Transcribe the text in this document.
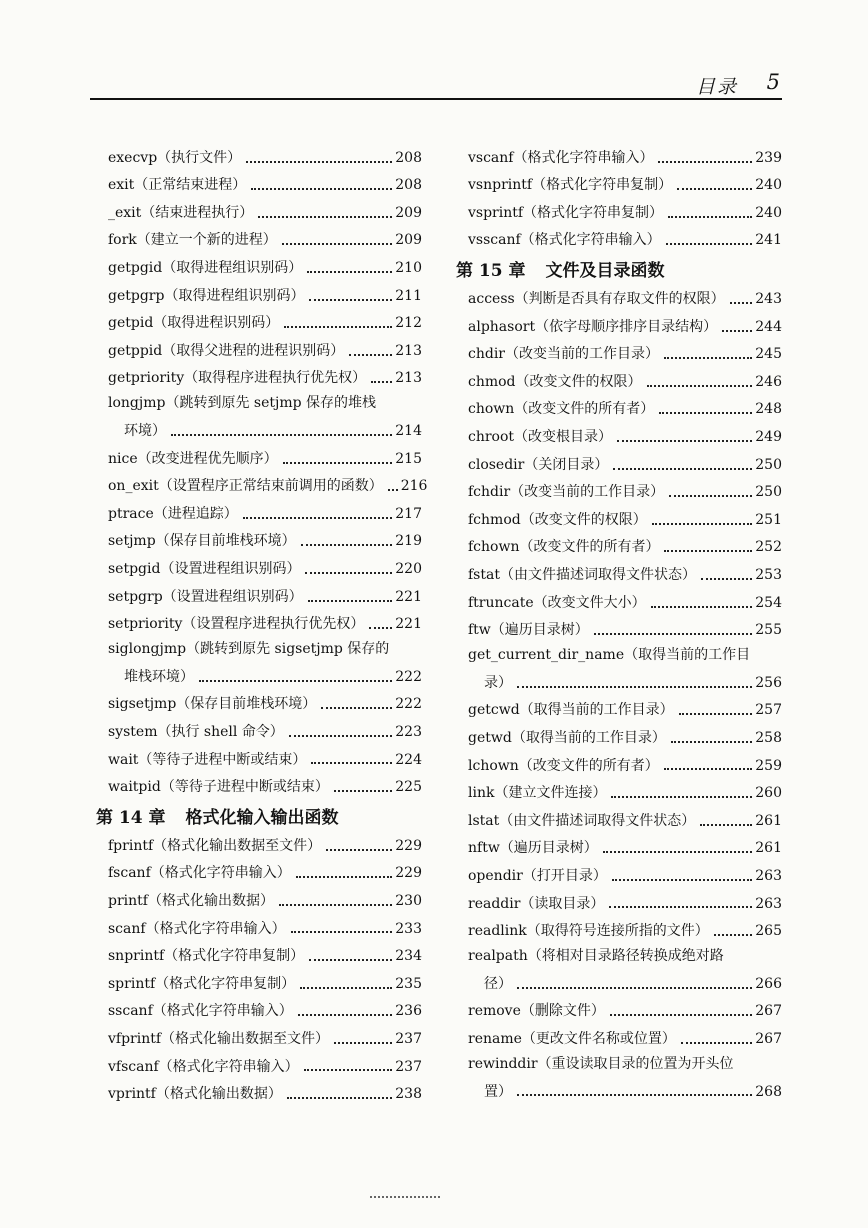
目录 5
execvp（执行文件）	208
exit（正常结束进程）	208
_exit（结束进程执行）	209
fork（建立一个新的进程）	209
getpgid（取得进程组识别码）	210
getpgrp（取得进程组识别码）	211
getpid（取得进程识别码）	212
getppid（取得父进程的进程识别码）	213
getpriority（取得程序进程执行优先权） 213
longjmp（跳转到原先 setjmp 保存的堆栈
环境）	214
nice（改变进程优先顺序）	215
on_exit（设置程序正常结束前调用的函数） 216
ptrace（进程追踪）	217
setjmp（保存目前堆栈环境）	219
setpgid（设置进程组识别码）	220
setpgrp（设置进程组识别码）	221
setpriority（设置程序进程执行优先权） 221
siglongjmp（跳转到原先 sigsetjmp 保存的
堆栈环境）	222
sigsetjmp（保存目前堆栈环境）	222
system（执行 shell 命令）	223
wait（等待子进程中断或结束）	224
waitpid（等待子进程中断或结束）	225
第 14 章 格式化输入输出函数
fprintf（格式化输出数据至文件）	229
fscanf（格式化字符串输入）	229
printf（格式化输出数据）	230
scanf（格式化字符串输入）	233
snprintf（格式化字符串复制）	234
sprintf（格式化字符串复制）	235
sscanf（格式化字符串输入）	236
vfprintf（格式化输出数据至文件）	237
vfscanf（格式化字符串输入）	237
vprintf（格式化输出数据）	238
vscanf（格式化字符串输入）	239
vsnprintf（格式化字符串复制）	240
vsprintf（格式化字符串复制）	240
vsscanf（格式化字符串输入）	241
第 15 章 文件及目录函数
access（判断是否具有存取文件的权限） 243
alphasort（依字母顺序排序目录结构）	244
chdir（改变当前的工作目录）	245
chmod（改变文件的权限）	246
chown（改变文件的所有者）	248
chroot（改变根目录）	249
closedir（关闭目录）	250
fchdir（改变当前的工作目录）	250
fchmod（改变文件的权限）	251
fchown（改变文件的所有者）	252
fstat（由文件描述词取得文件状态）	253
ftruncate（改变文件大小）	254
ftw（遍历目录树）	255
get_current_dir_name（取得当前的工作目
录）	256
getcwd（取得当前的工作目录）	257
getwd（取得当前的工作目录）	258
lchown（改变文件的所有者）	259
link（建立文件连接）	260
lstat（由文件描述词取得文件状态）	261
nftw（遍历目录树）	261
opendir（打开目录）	263
readdir（读取目录）	263
readlink（取得符号连接所指的文件）	265
realpath（将相对目录路径转换成绝对路
径）	266
remove（删除文件）	267
rename（更改文件名称或位置）	267
rewinddir（重设读取目录的位置为开头位
置）	268
